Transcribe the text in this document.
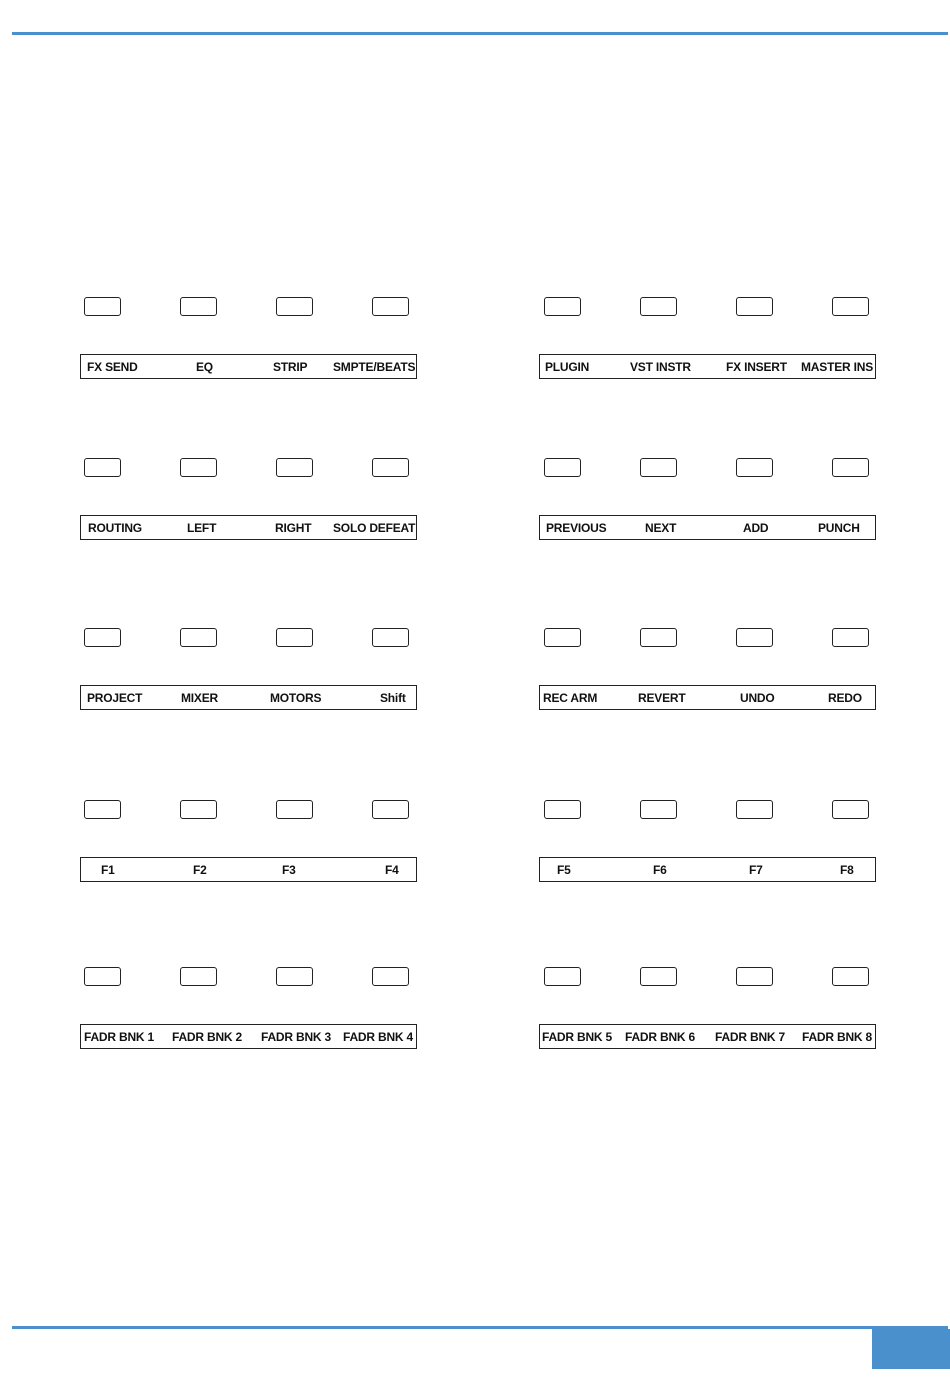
FX SEND	EQ	STRIP SMPTE/BEATS
ROUTING	LEFT	RIGHT SOLO DEFEAT
PROJECT	MIXER	MOTORS	Shift
F1	F2	F3	F4
FADR BNK 1 FADR BNK 2 FADR BNK 3 FADR BNK 4
PLUGIN	VST INSTR	FX INSERT MASTER INS
PREVIOUS	NEXT	ADD	PUNCH
REC ARM	REVERT	UNDO	REDO
F5	F6	F7	F8
FADR BNK 5 FADR BNK 6 FADR BNK 7 FADR BNK 8
